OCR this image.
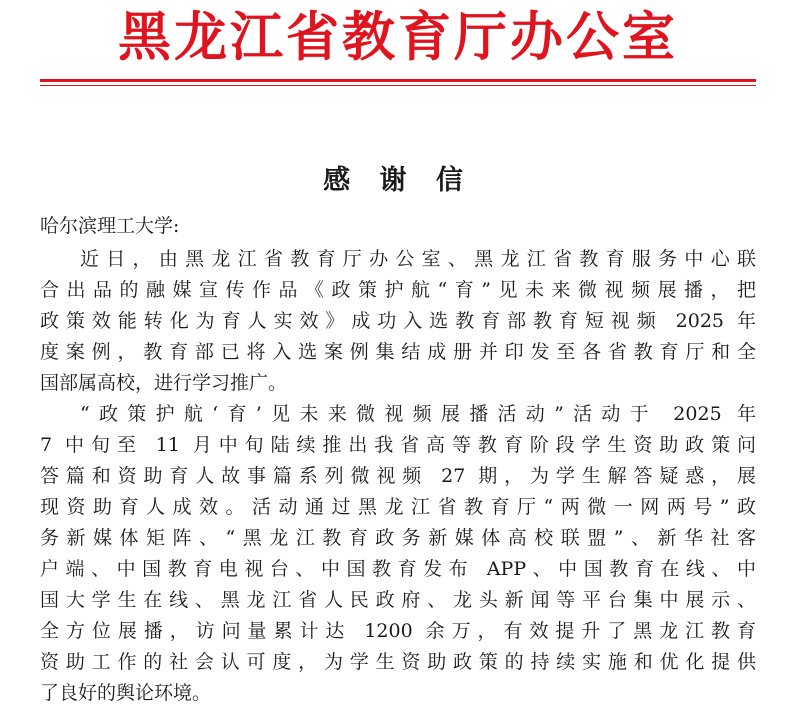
黑龙江省教育厅办公室
感 谢 信

哈尔滨理工大学:

近日，由黑龙江省教育厅办公室、黑龙江省教育服务中心联
合出品的融媒宣传作品《政策护航“育”见未来微视频展播，把
政策效能转化为育人实效》成功入选教育部教育短视频 2025 年
度案例，教育部已将入选案例集结成册并印发至各省教育厅和全
国部属高校，进行学习推广。
“政策护航‘育’见未来微视频展播活动”活动于 2025 年
7 中旬至 11 月中旬陆续推出我省高等教育阶段学生资助政策问
答篇和资助育人故事篇系列微视频 27 期，为学生解答疑惑，展
现资助育人成效。活动通过黑龙江省教育厅“两微一网两号”政
务新媒体矩阵、“黑龙江教育政务新媒体高校联盟”、新华社客
户端、中国教育电视台、中国教育发布 APP、中国教育在线、中
国大学生在线、黑龙江省人民政府、龙头新闻等平台集中展示、
全方位展播，访问量累计达 1200 余万，有效提升了黑龙江教育
资助工作的社会认可度，为学生资助政策的持续实施和优化提供
了良好的舆论环境。
